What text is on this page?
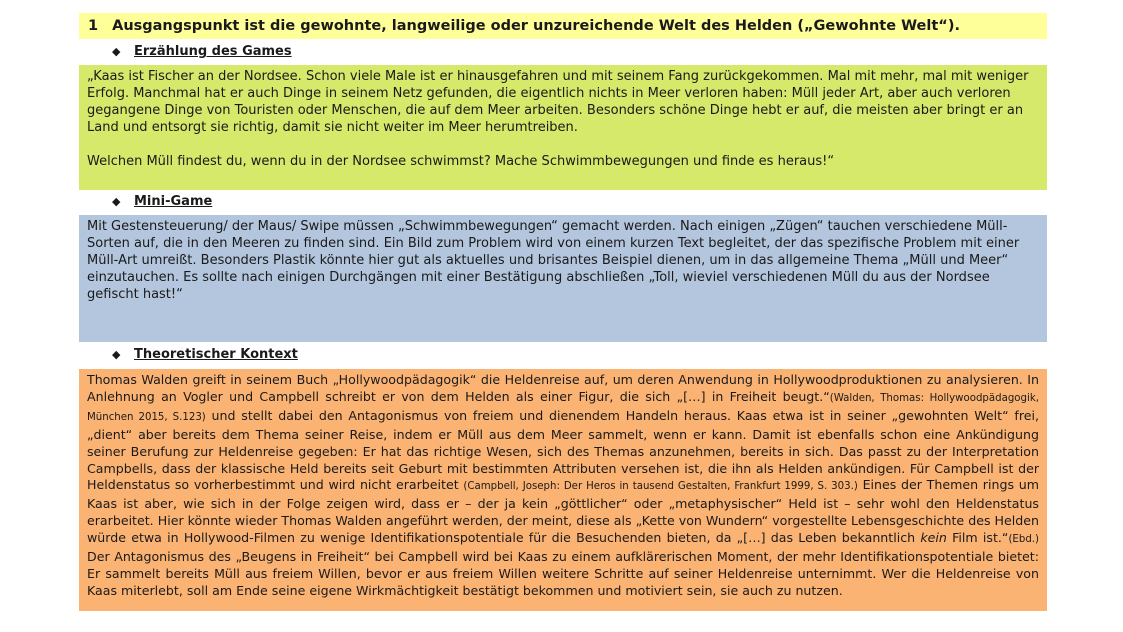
1 Ausgangspunkt ist die gewohnte, langweilige oder unzureichende Welt des Helden („Gewohnte Welt“).
◆ Erzählung des Games

„Kaas ist Fischer an der Nordsee. Schon viele Male ist er hinausgefahren und mit seinem Fang zurückgekommen. Mal mit mehr, mal mit weniger Erfolg. Manchmal hat er auch Dinge in seinem Netz gefunden, die eigentlich nichts in Meer verloren haben: Müll jeder Art, aber auch verloren gegangene Dinge von Touristen oder Menschen, die auf dem Meer arbeiten. Besonders schöne Dinge hebt er auf, die meisten aber bringt er an Land und entsorgt sie richtig, damit sie nicht weiter im Meer herumtreiben.

Welchen Müll findest du, wenn du in der Nordsee schwimmst? Mache Schwimmbewegungen und finde es heraus!“

◆ Mini-Game

Mit Gestensteuerung/ der Maus/ Swipe müssen „Schwimmbewegungen“ gemacht werden. Nach einigen „Zügen“ tauchen verschiedene Müll-Sorten auf, die in den Meeren zu finden sind. Ein Bild zum Problem wird von einem kurzen Text begleitet, der das spezifische Problem mit einer Müll-Art umreißt. Besonders Plastik könnte hier gut als aktuelles und brisantes Beispiel dienen, um in das allgemeine Thema „Müll und Meer“ einzutauchen. Es sollte nach einigen Durchgängen mit einer Bestätigung abschließen „Toll, wieviel verschiedenen Müll du aus der Nordsee gefischt hast!“

◆ Theoretischer Kontext

Thomas Walden greift in seinem Buch „Hollywoodpädagogik“ die Heldenreise auf, um deren Anwendung in Hollywoodproduktionen zu analysieren. In Anlehnung an Vogler und Campbell schreibt er von dem Helden als einer Figur, die sich „[…] in Freiheit beugt.“(Walden, Thomas: Hollywoodpädagogik, München 2015, S.123) und stellt dabei den Antagonismus von freiem und dienendem Handeln heraus. Kaas etwa ist in seiner „gewohnten Welt“ frei, „dient“ aber bereits dem Thema seiner Reise, indem er Müll aus dem Meer sammelt, wenn er kann. Damit ist ebenfalls schon eine Ankündigung seiner Berufung zur Heldenreise gegeben: Er hat das richtige Wesen, sich des Themas anzunehmen, bereits in sich. Das passt zu der Interpretation Campbells, dass der klassische Held bereits seit Geburt mit bestimmten Attributen versehen ist, die ihn als Helden ankündigen. Für Campbell ist der Heldenstatus so vorherbestimmt und wird nicht erarbeitet (Campbell, Joseph: Der Heros in tausend Gestalten, Frankfurt 1999, S. 303.) Eines der Themen rings um Kaas ist aber, wie sich in der Folge zeigen wird, dass er – der ja kein „göttlicher“ oder „metaphysischer“ Held ist – sehr wohl den Heldenstatus erarbeitet. Hier könnte wieder Thomas Walden angeführt werden, der meint, diese als „Kette von Wundern“ vorgestellte Lebensgeschichte des Helden würde etwa in Hollywood-Filmen zu wenige Identifikationspotentiale für die Besuchenden bieten, da „[…] das Leben bekanntlich kein Film ist.“(Ebd.) Der Antagonismus des „Beugens in Freiheit“ bei Campbell wird bei Kaas zu einem aufklärerischen Moment, der mehr Identifikationspotentiale bietet: Er sammelt bereits Müll aus freiem Willen, bevor er aus freiem Willen weitere Schritte auf seiner Heldenreise unternimmt. Wer die Heldenreise von Kaas miterlebt, soll am Ende seine eigene Wirkmächtigkeit bestätigt bekommen und motiviert sein, sie auch zu nutzen.
